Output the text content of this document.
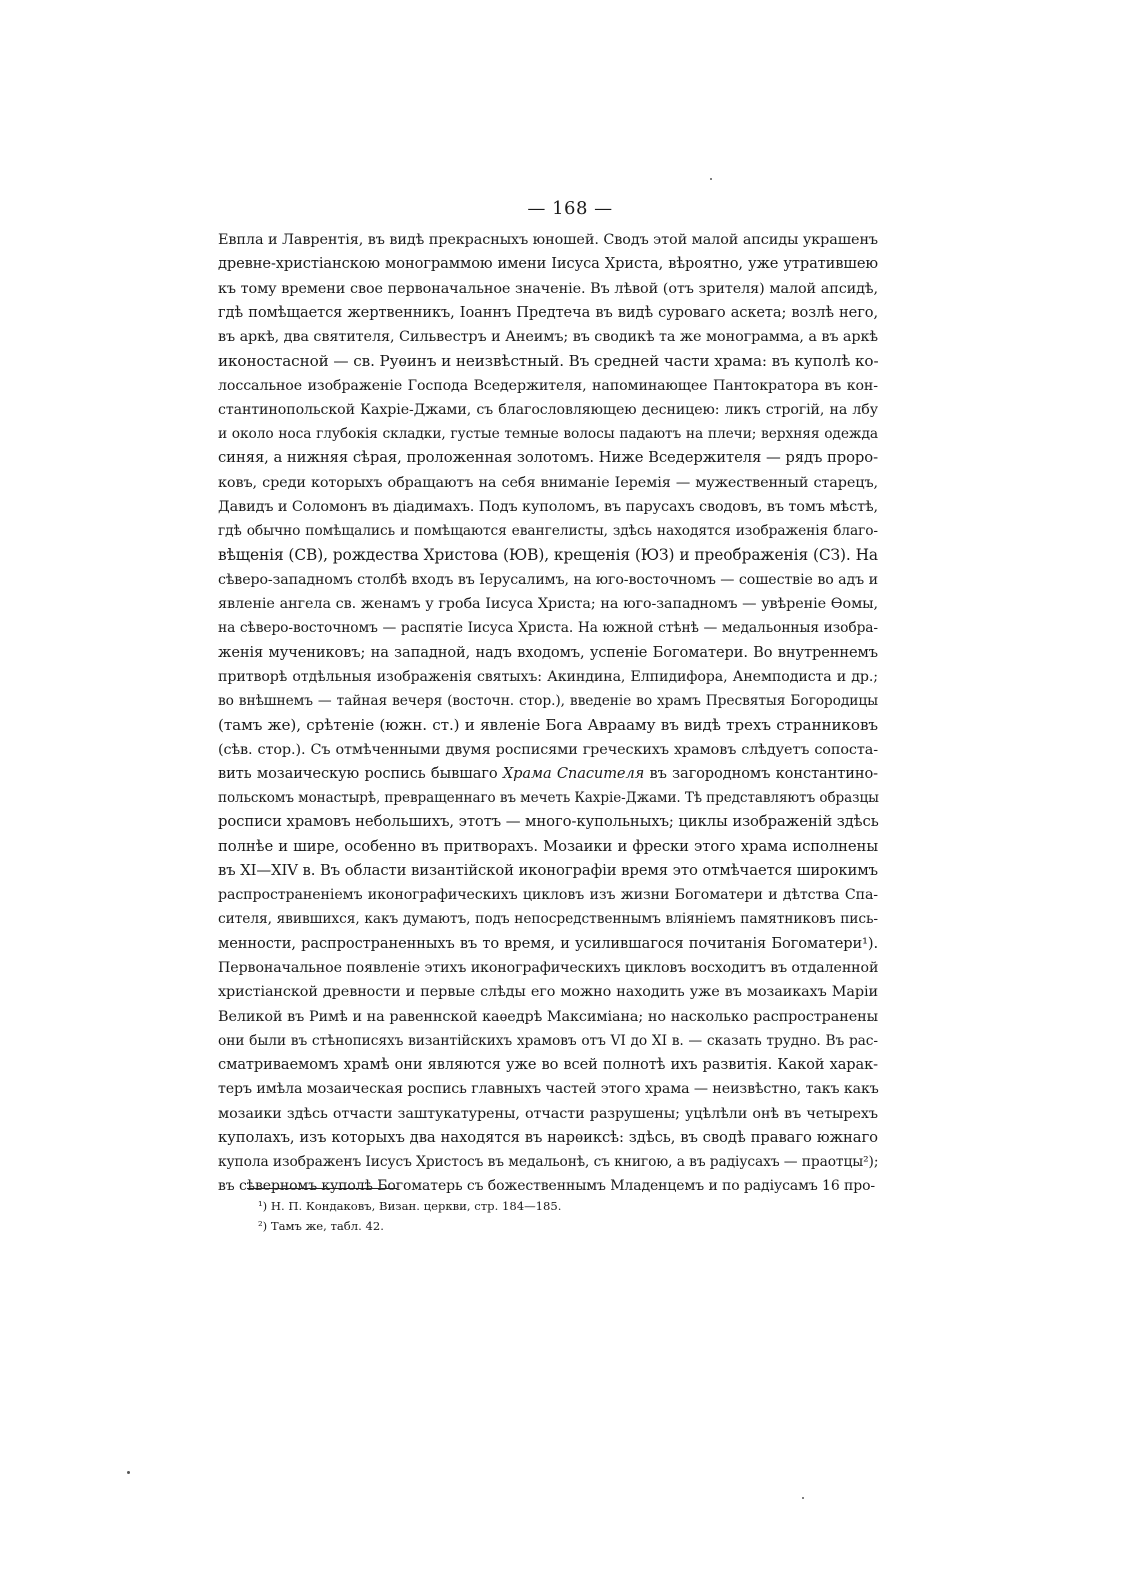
— 168 —
Евпла и Лаврентія, въ видѣ прекрасныхъ юношей. Сводъ этой малой апсиды украшенъ
древне-христіанскою монограммою имени Іисуса Христа, вѣроятно, уже утратившею
къ тому времени свое первоначальное значеніе. Въ лѣвой (отъ зрителя) малой апсидѣ,
гдѣ помѣщается жертвенникъ, Іоаннъ Предтеча въ видѣ суроваго аскета; возлѣ него,
въ аркѣ, два святителя, Сильвестръ и Анеимъ; въ сводикѣ та же монограмма, а въ аркѣ
иконостасной — св. Руѳинъ и неизвѣстный. Въ средней части храма: въ куполѣ ко-
лоссальное изображеніе Господа Вседержителя, напоминающее Пантократора въ кон-
стантинопольской Кахріе-Джами, съ благословляющею десницею: ликъ строгій, на лбу
и около носа глубокія складки, густые темные волосы падаютъ на плечи; верхняя одежда
синяя, а нижняя сѣрая, проложенная золотомъ. Ниже Вседержителя — рядъ проро-
ковъ, среди которыхъ обращаютъ на себя вниманіе Іеремія — мужественный старецъ,
Давидъ и Соломонъ въ діадимахъ. Подъ куполомъ, въ парусахъ сводовъ, въ томъ мѣстѣ,
гдѣ обычно помѣщались и помѣщаются евангелисты, здѣсь находятся изображенія благо-
вѣщенія (СВ), рождества Христова (ЮВ), крещенія (ЮЗ) и преображенія (СЗ). На
сѣверо-западномъ столбѣ входъ въ Іерусалимъ, на юго-восточномъ — сошествіе во адъ и
явленіе ангела св. женамъ у гроба Іисуса Христа; на юго-западномъ — увѣреніе Ѳомы,
на сѣверо-восточномъ — распятіе Іисуса Христа. На южной стѣнѣ — медальонныя изобра-
женія мучениковъ; на западной, надъ входомъ, успеніе Богоматери. Во внутреннемъ
притворѣ отдѣльныя изображенія святыхъ: Акиндина, Елпидифора, Анемподиста и др.;
во внѣшнемъ — тайная вечеря (восточн. стор.), введеніе во храмъ Пресвятыя Богородицы
(тамъ же), срѣтеніе (южн. ст.) и явленіе Бога Аврааму въ видѣ трехъ странниковъ
(сѣв. стор.). Съ отмѣченными двумя росписями греческихъ храмовъ слѣдуетъ сопоста-
вить мозаическую роспись бывшаго Храма Спасителя въ загородномъ константино-
польскомъ монастырѣ, превращеннаго въ мечеть Кахріе-Джами. Тѣ представляютъ образцы
росписи храмовъ небольшихъ, этотъ — много-купольныхъ; циклы изображеній здѣсь
полнѣе и шире, особенно въ притворахъ. Мозаики и фрески этого храма исполнены
въ XI—XIV в. Въ области византійской иконографіи время это отмѣчается широкимъ
распространеніемъ иконографическихъ цикловъ изъ жизни Богоматери и дѣтства Спа-
сителя, явившихся, какъ думаютъ, подъ непосредственнымъ вліяніемъ памятниковъ пись-
менности, распространенныхъ въ то время, и усилившагося почитанія Богоматери¹).
Первоначальное появленіе этихъ иконографическихъ цикловъ восходитъ въ отдаленной
христіанской древности и первые слѣды его можно находить уже въ мозаикахъ Маріи
Великой въ Римѣ и на равеннской каѳедрѣ Максиміана; но насколько распространены
они были въ стѣнописяхъ византійскихъ храмовъ отъ VI до XI в. — сказать трудно. Въ рас-
сматриваемомъ храмѣ они являются уже во всей полнотѣ ихъ развитія. Какой харак-
теръ имѣла мозаическая роспись главныхъ частей этого храма — неизвѣстно, такъ какъ
мозаики здѣсь отчасти заштукатурены, отчасти разрушены; уцѣлѣли онѣ въ четырехъ
куполахъ, изъ которыхъ два находятся въ нарѳиксѣ: здѣсь, въ сводѣ праваго южнаго
купола изображенъ Іисусъ Христосъ въ медальонѣ, съ книгою, а въ радіусахъ — праотцы²);
въ сѣверномъ куполѣ Богоматерь съ божественнымъ Младенцемъ и по радіусамъ 16 про-
¹) Н. П. Кондаковъ, Визан. церкви, стр. 184—185.
²) Тамъ же, табл. 42.
